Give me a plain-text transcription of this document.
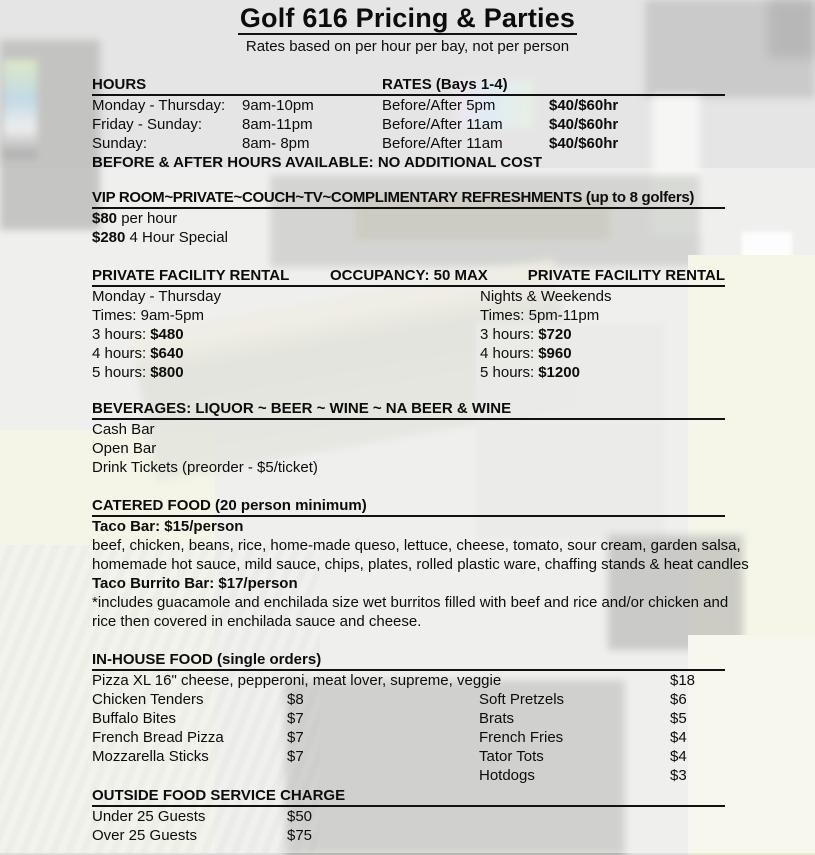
Golf 616 Pricing & Parties
Rates based on per hour per bay, not per person
HOURS	RATES (Bays 1-4)
Monday - Thursday:	9am-10pm	Before/After 5pm	$40/$60hr
Friday - Sunday:	8am-11pm	Before/After 11am	$40/$60hr
Sunday:	8am- 8pm	Before/After 11am	$40/$60hr
BEFORE & AFTER HOURS AVAILABLE: NO ADDITIONAL COST
VIP ROOM~PRIVATE~COUCH~TV~COMPLIMENTARY REFRESHMENTS (up to 8 golfers)
$80 per hour
$280 4 Hour Special
PRIVATE FACILITY RENTAL	OCCUPANCY: 50 MAX	PRIVATE FACILITY RENTAL
Monday - Thursday
Times: 9am-5pm
3 hours: $480
4 hours: $640
5 hours: $800
Nights & Weekends
Times: 5pm-11pm
3 hours: $720
4 hours: $960
5 hours: $1200
BEVERAGES: LIQUOR ~ BEER ~ WINE ~ NA BEER & WINE
Cash Bar
Open Bar
Drink Tickets (preorder - $5/ticket)
CATERED FOOD (20 person minimum)
Taco Bar: $15/person
beef, chicken, beans, rice, home-made queso, lettuce, cheese, tomato, sour cream, garden salsa,
homemade hot sauce, mild sauce, chips, plates, rolled plastic ware, chaffing stands & heat candles
Taco Burrito Bar: $17/person
*includes guacamole and enchilada size wet burritos filled with beef and rice and/or chicken and
rice then covered in enchilada sauce and cheese.
IN-HOUSE FOOD (single orders)
Pizza XL 16" cheese, pepperoni, meat lover, supreme, veggie	$18
Chicken Tenders	$8	Soft Pretzels	$6
Buffalo Bites	$7	Brats	$5
French Bread Pizza	$7	French Fries	$4
Mozzarella Sticks	$7	Tator Tots	$4
Hotdogs	$3
OUTSIDE FOOD SERVICE CHARGE
Under 25 Guests	$50
Over 25 Guests	$75
